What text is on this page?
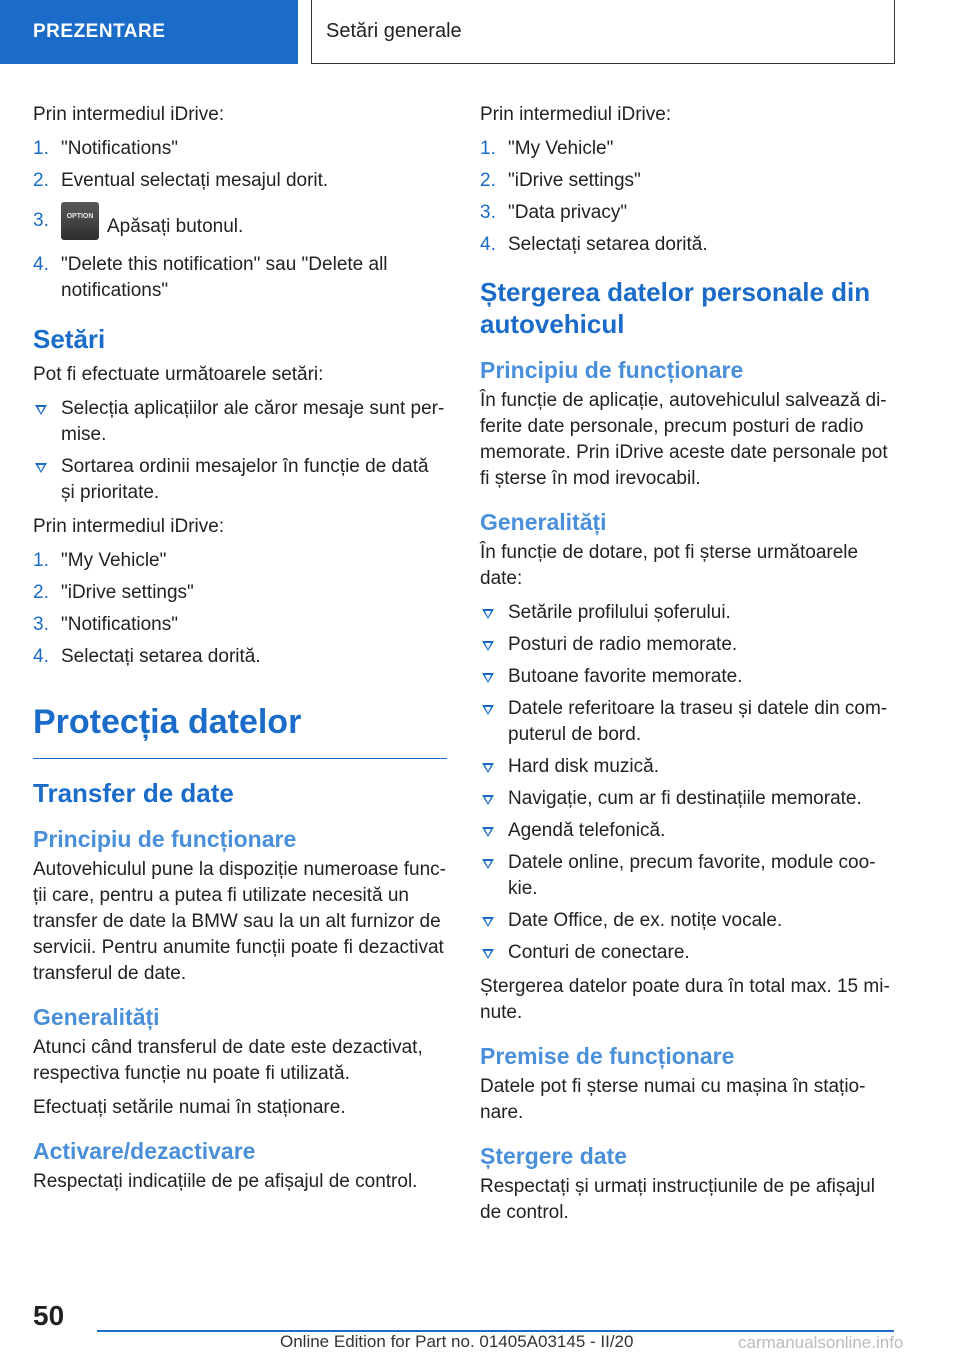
PREZENTARE	Setări generale

Prin intermediul iDrive:

1. "Notifications"
2. Eventual selectați mesajul dorit.
3.	OPTION Apăsați butonul.
4. "Delete this notification" sau "Delete all notifications"
Setări

Pot fi efectuate următoarele setări:

Selecția aplicațiilor ale căror mesaje sunt per-mise.
Sortarea ordinii mesajelor în funcție de dată și prioritate.

Prin intermediul iDrive:

1. "My Vehicle"
2. "iDrive settings"
3. "Notifications"
4. Selectați setarea dorită.
Protecția datelor
Transfer de date
Principiu de funcționare

Autovehiculul pune la dispoziție numeroase func-ții care, pentru a putea fi utilizate necesită un transfer de date la BMW sau la un alt furnizor de servicii. Pentru anumite funcții poate fi dezactivat transferul de date.

Generalități

Atunci când transferul de date este dezactivat, respectiva funcție nu poate fi utilizată.

Efectuați setările numai în staționare.

Activare/dezactivare

Respectați indicațiile de pe afișajul de control.

Prin intermediul iDrive:

1. "My Vehicle"
2. "iDrive settings"
3. "Data privacy"
4. Selectați setarea dorită.
Ștergerea datelor personale din autovehicul
Principiu de funcționare

În funcție de aplicație, autovehiculul salvează di-ferite date personale, precum posturi de radio memorate. Prin iDrive aceste date personale pot fi șterse în mod irevocabil.

Generalități

În funcție de dotare, pot fi șterse următoarele date:

Setările profilului șoferului.
Posturi de radio memorate.
Butoane favorite memorate.
Datele referitoare la traseu și datele din com-puterul de bord.
Hard disk muzică.
Navigație, cum ar fi destinațiile memorate.
Agendă telefonică.
Datele online, precum favorite, module coo-kie.
Date Office, de ex. notițe vocale.
Conturi de conectare.

Ștergerea datelor poate dura în total max. 15 mi-nute.

Premise de funcționare

Datele pot fi șterse numai cu mașina în stațio-nare.

Ștergere date

Respectați și urmați instrucțiunile de pe afișajul de control.

50
Online Edition for Part no. 01405A03145 - II/20	carmanualsonline.info
